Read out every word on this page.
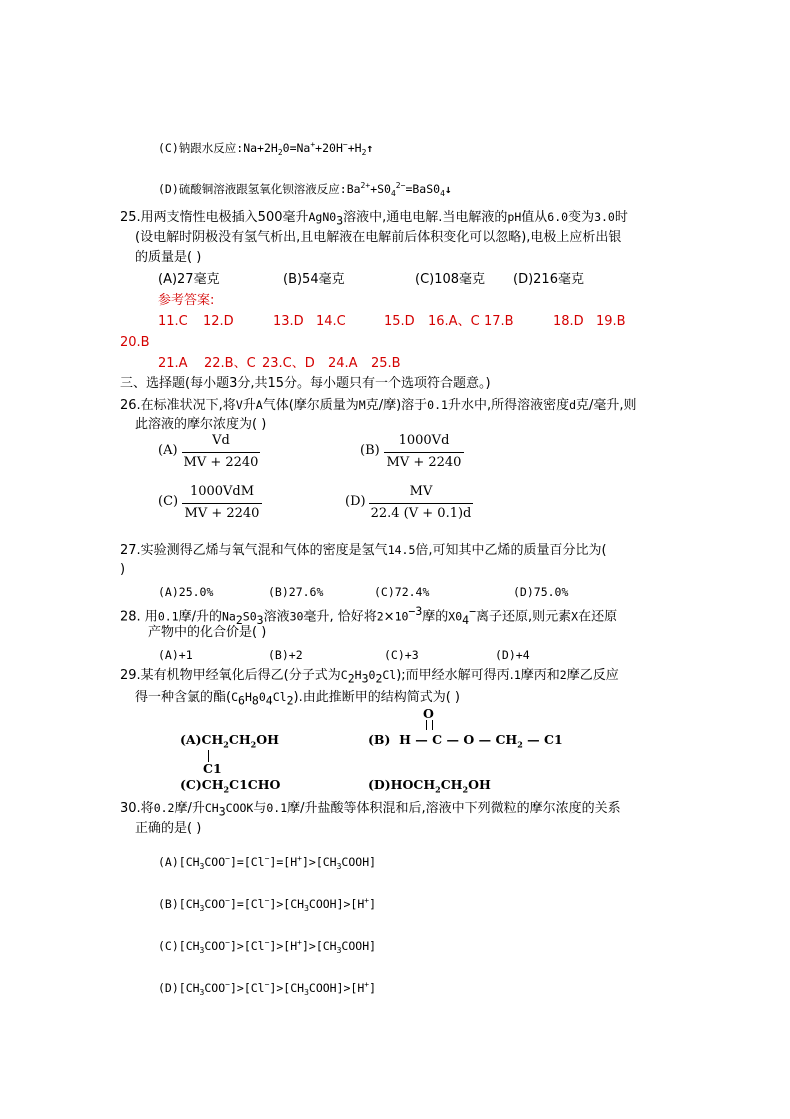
(C)钠跟水反应$:Na+2H_20=Na^++20H^-+H_2↑$
(D)硫酸铜溶液跟氢氧化钡溶液反应$:Ba^{2+}+S0_4^{2-}=BaS0_4↓$
25.用两支惰性电极插入500毫升$AgN0_3$溶液中,通电电解.当电解液的pH值从6.0变为3.0时
(设电解时阴极没有氢气析出,且电解液在电解前后体积变化可以忽略),电极上应析出银
的质量是( )
(A)27毫克	(B)54毫克	(C)108毫克 (D)216毫克
参考答案:
11.C 12.D	13.D 14.C	15.D 16.A、C 17.B	18.D 19.B
20.B
21.A 22.B、C 23.C、D 24.A 25.B
三、选择题(每小题3分,共15分。每小题只有一个选项符合题意。)
26.在标准状况下,将V升A气体(摩尔质量为M克/摩)溶于0.1升水中,所得溶液密度d克/毫升,则
此溶液的摩尔浓度为( )
(A)
Vd
MV + 2240
(B)
1000Vd
MV + 2240
(C)
1000VdM
MV + 2240
(D)
MV
22.4 (V + 0.1)d
27.实验测得乙烯与氧气混和气体的密度是氢气14.5倍,可知其中乙烯的质量百分比为(
)
(A)25.0%	(B)27.6%	(C)72.4%	(D)75.0%
28. 用0.1摩/升的$Na_2S0_3$溶液30毫升, 恰好将$2\times 10^{-3}$摩的$X0_4^-$离子还原,则元素X在还原
产物中的化合价是( )
(A)+1	(B)+2	(C)+3	(D)+4
29.某有机物甲经氧化后得乙(分子式为$C_2H_30_2Cl$);而甲经水解可得丙.1摩丙和2摩乙反应
得一种含氯的酯$(C_6H_80_4Cl_2)$.由此推断甲的结构简式为( )
$(A)CH_2CH_2OH$
C1
O
(B) H — C — O — $CH_2$ — C1
$(C)CH_2C1CHO$	$(D)HOCH_2CH_2OH$
30.将0.2摩/升$CH_3COOK$与0.1摩/升盐酸等体积混和后,溶液中下列微粒的摩尔浓度的关系
正确的是( )
$(A)[CH_3COO^-]=[Cl^-]=[H^+]>[CH_3COOH]$
$(B)[CH_3COO^-]=[Cl^-]>[CH_3COOH]>[H^+]$
$(C)[CH_3COO^-]>[Cl^-]>[H^+]>[CH_3COOH]$
$(D)[CH_3COO^-]>[Cl^-]>[CH_3COOH]>[H^+]$
